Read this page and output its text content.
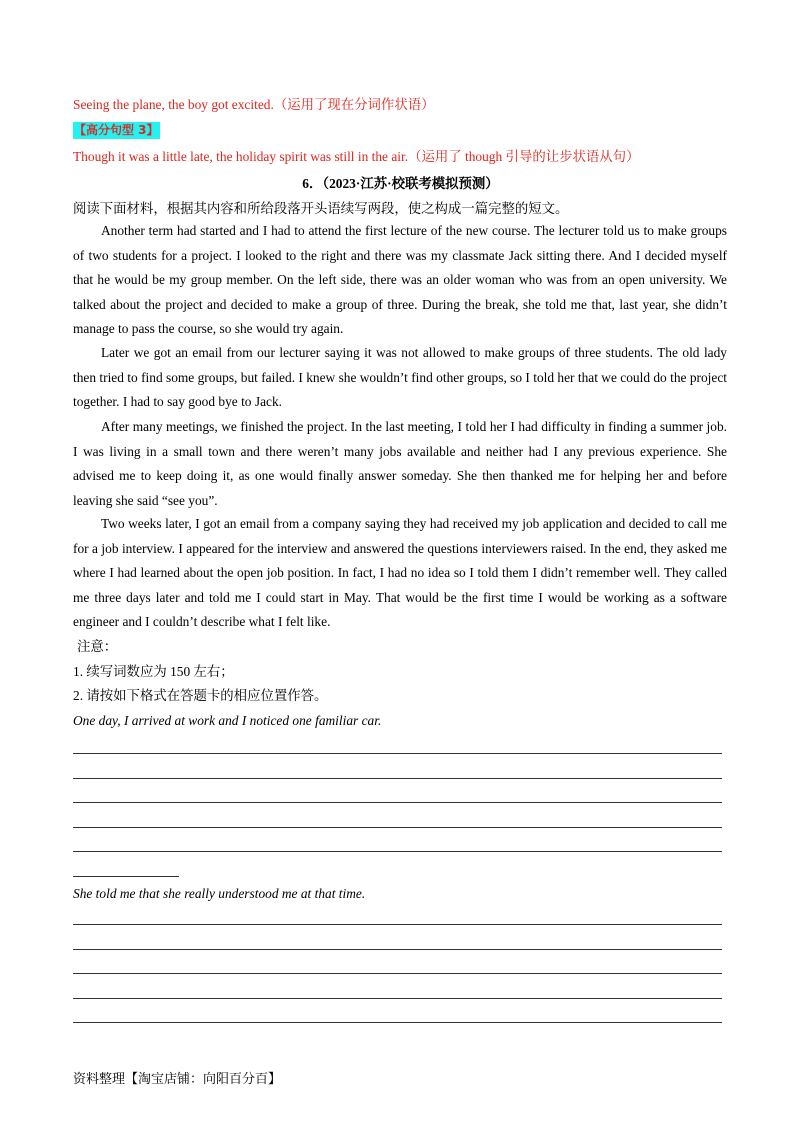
Seeing the plane, the boy got excited.（运用了现在分词作状语）
【高分句型 3】
Though it was a little late, the holiday spirit was still in the air.（运用了 though 引导的让步状语从句）
6．（2023·江苏·校联考模拟预测）
阅读下面材料，根据其内容和所给段落开头语续写两段，使之构成一篇完整的短文。
Another term had started and I had to attend the first lecture of the new course. The lecturer told us to make groups of two students for a project. I looked to the right and there was my classmate Jack sitting there. And I decided myself that he would be my group member. On the left side, there was an older woman who was from an open university. We talked about the project and decided to make a group of three. During the break, she told me that, last year, she didn’t manage to pass the course, so she would try again.
Later we got an email from our lecturer saying it was not allowed to make groups of three students. The old lady then tried to find some groups, but failed. I knew she wouldn’t find other groups, so I told her that we could do the project together. I had to say good bye to Jack.
After many meetings, we finished the project. In the last meeting, I told her I had difficulty in finding a summer job. I was living in a small town and there weren’t many jobs available and neither had I any previous experience. She advised me to keep doing it, as one would finally answer someday. She then thanked me for helping her and before leaving she said “see you”.
Two weeks later, I got an email from a company saying they had received my job application and decided to call me for a job interview. I appeared for the interview and answered the questions interviewers raised. In the end, they asked me where I had learned about the open job position. In fact, I had no idea so I told them I didn’t remember well. They called me three days later and told me I could start in May. That would be the first time I would be working as a software engineer and I couldn’t describe what I felt like.
注意：
1. 续写词数应为 150 左右；
2. 请按如下格式在答题卡的相应位置作答。
One day, I arrived at work and I noticed one familiar car.
She told me that she really understood me at that time.
资料整理【淘宝店铺：向阳百分百】
